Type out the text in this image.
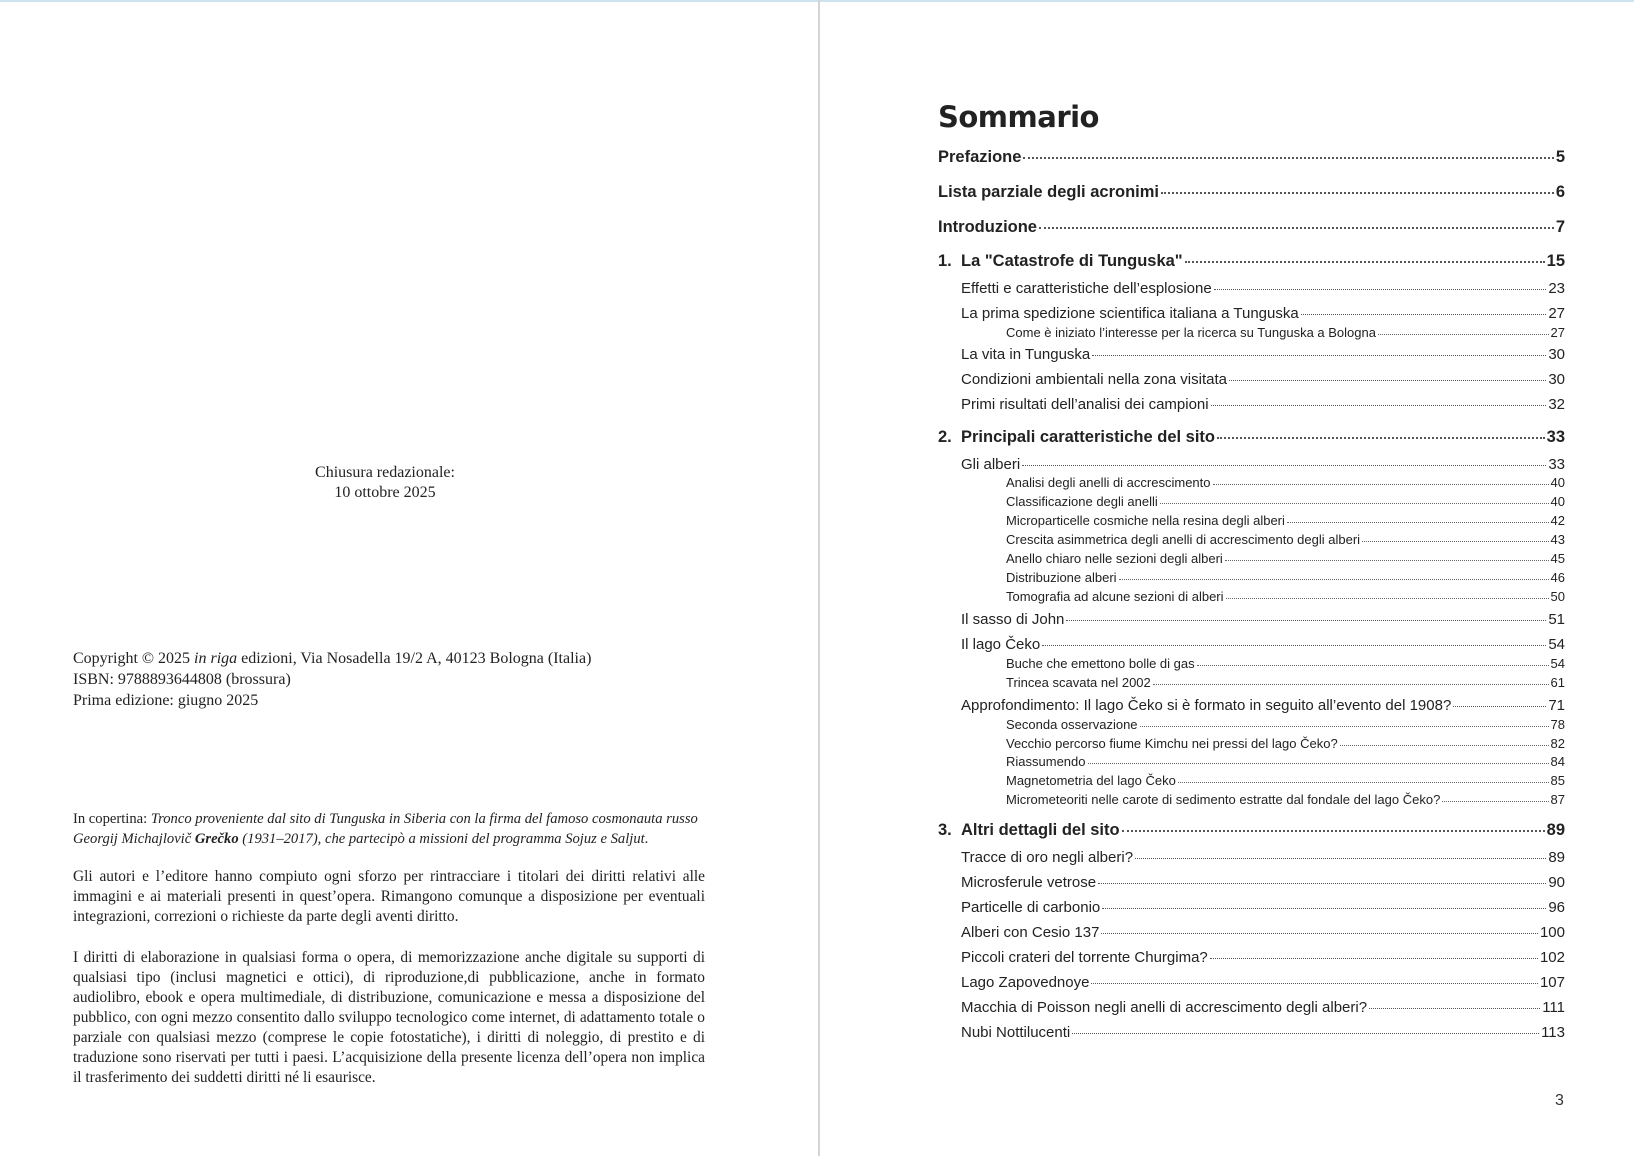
Chiusura redazionale:
10 ottobre 2025
Copyright © 2025 in riga edizioni, Via Nosadella 19/2 A, 40123 Bologna (Italia)
ISBN: 9788893644808 (brossura)
Prima edizione: giugno 2025
In copertina: Tronco proveniente dal sito di Tunguska in Siberia con la firma del famoso cosmonauta russo Georgij Michajlovič Grečko (1931–2017), che partecipò a missioni del programma Sojuz e Saljut.
Gli autori e l’editore hanno compiuto ogni sforzo per rintracciare i titolari dei diritti relativi alle immagini e ai materiali presenti in quest’opera. Rimangono comunque a disposizione per eventuali integrazioni, correzioni o richieste da parte degli aventi diritto.
I diritti di elaborazione in qualsiasi forma o opera, di memorizzazione anche digitale su supporti di qualsiasi tipo (inclusi magnetici e ottici), di riproduzione,di pubblicazione, anche in formato audiolibro, ebook e opera multimediale, di distribuzione, comunicazione e messa a disposizione del pubblico, con ogni mezzo consentito dallo sviluppo tecnologico come internet, di adattamento totale o parziale con qualsiasi mezzo (comprese le copie fotostatiche), i diritti di noleggio, di prestito e di traduzione sono riservati per tutti i paesi. L’acquisizione della presente licenza dell’opera non implica il trasferimento dei suddetti diritti né li esaurisce.
Sommario
Prefazione	5
Lista parziale degli acronimi	6
Introduzione	7
1. La "Catastrofe di Tunguska"	15
Effetti e caratteristiche dell’esplosione	23
La prima spedizione scientifica italiana a Tunguska	27
Come è iniziato l’interesse per la ricerca su Tunguska a Bologna	27
La vita in Tunguska	30
Condizioni ambientali nella zona visitata	30
Primi risultati dell’analisi dei campioni	32
2. Principali caratteristiche del sito	33
Gli alberi	33
Analisi degli anelli di accrescimento	40
Classificazione degli anelli	40
Microparticelle cosmiche nella resina degli alberi	42
Crescita asimmetrica degli anelli di accrescimento degli alberi	43
Anello chiaro nelle sezioni degli alberi	45
Distribuzione alberi	46
Tomografia ad alcune sezioni di alberi	50
Il sasso di John	51
Il lago Čeko	54
Buche che emettono bolle di gas	54
Trincea scavata nel 2002	61
Approfondimento: Il lago Čeko si è formato in seguito all’evento del 1908?	71
Seconda osservazione	78
Vecchio percorso fiume Kimchu nei pressi del lago Čeko?	82
Riassumendo	84
Magnetometria del lago Čeko	85
Micrometeoriti nelle carote di sedimento estratte dal fondale del lago Čeko?	87
3. Altri dettagli del sito	89
Tracce di oro negli alberi?	89
Microsferule vetrose	90
Particelle di carbonio	96
Alberi con Cesio 137	100
Piccoli crateri del torrente Churgima?	102
Lago Zapovednoye	107
Macchia di Poisson negli anelli di accrescimento degli alberi?	111
Nubi Nottilucenti	113
3
